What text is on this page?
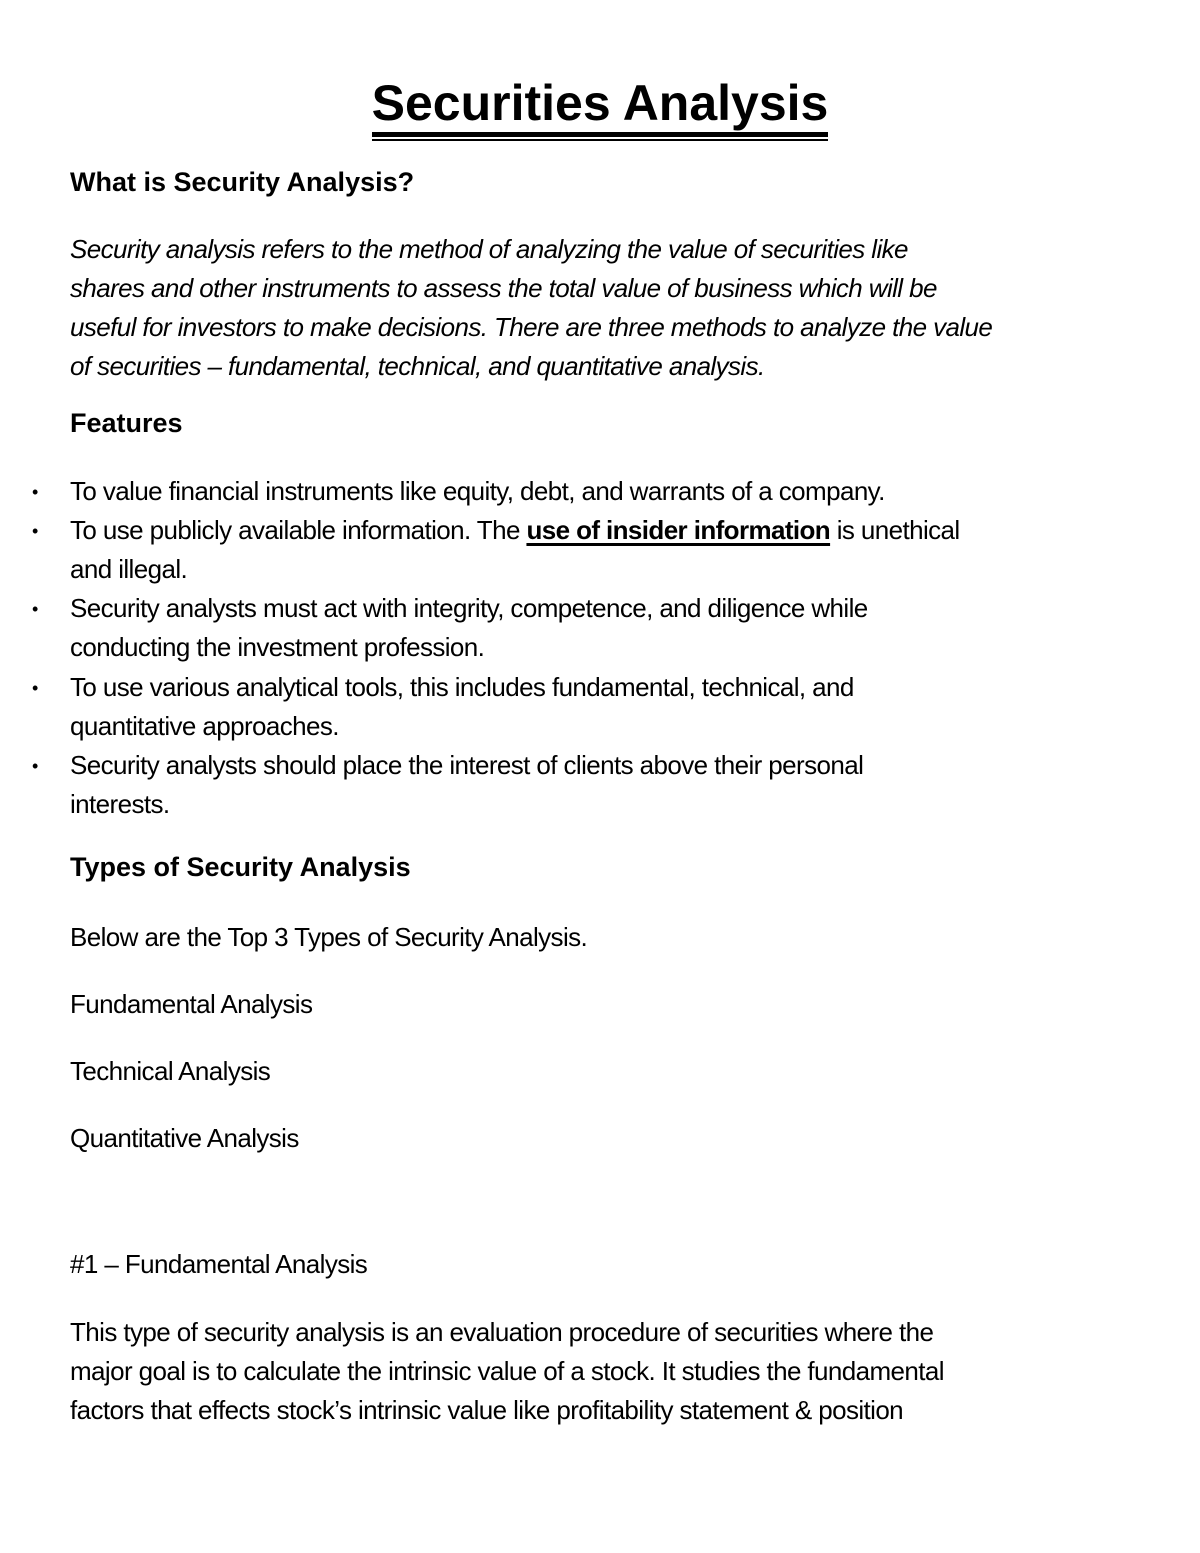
Securities Analysis
What is Security Analysis?
Security analysis refers to the method of analyzing the value of securities like
shares and other instruments to assess the total value of business which will be
useful for investors to make decisions. There are three methods to analyze the value
of securities – fundamental, technical, and quantitative analysis.
Features
• To value financial instruments like equity, debt, and warrants of a company.
• To use publicly available information. The use of insider information is unethical
and illegal.
• Security analysts must act with integrity, competence, and diligence while
conducting the investment profession.
• To use various analytical tools, this includes fundamental, technical, and
quantitative approaches.
• Security analysts should place the interest of clients above their personal
interests.
Types of Security Analysis
Below are the Top 3 Types of Security Analysis.
Fundamental Analysis
Technical Analysis
Quantitative Analysis
#1 – Fundamental Analysis
This type of security analysis is an evaluation procedure of securities where the
major goal is to calculate the intrinsic value of a stock. It studies the fundamental
factors that effects stock’s intrinsic value like profitability statement & position
